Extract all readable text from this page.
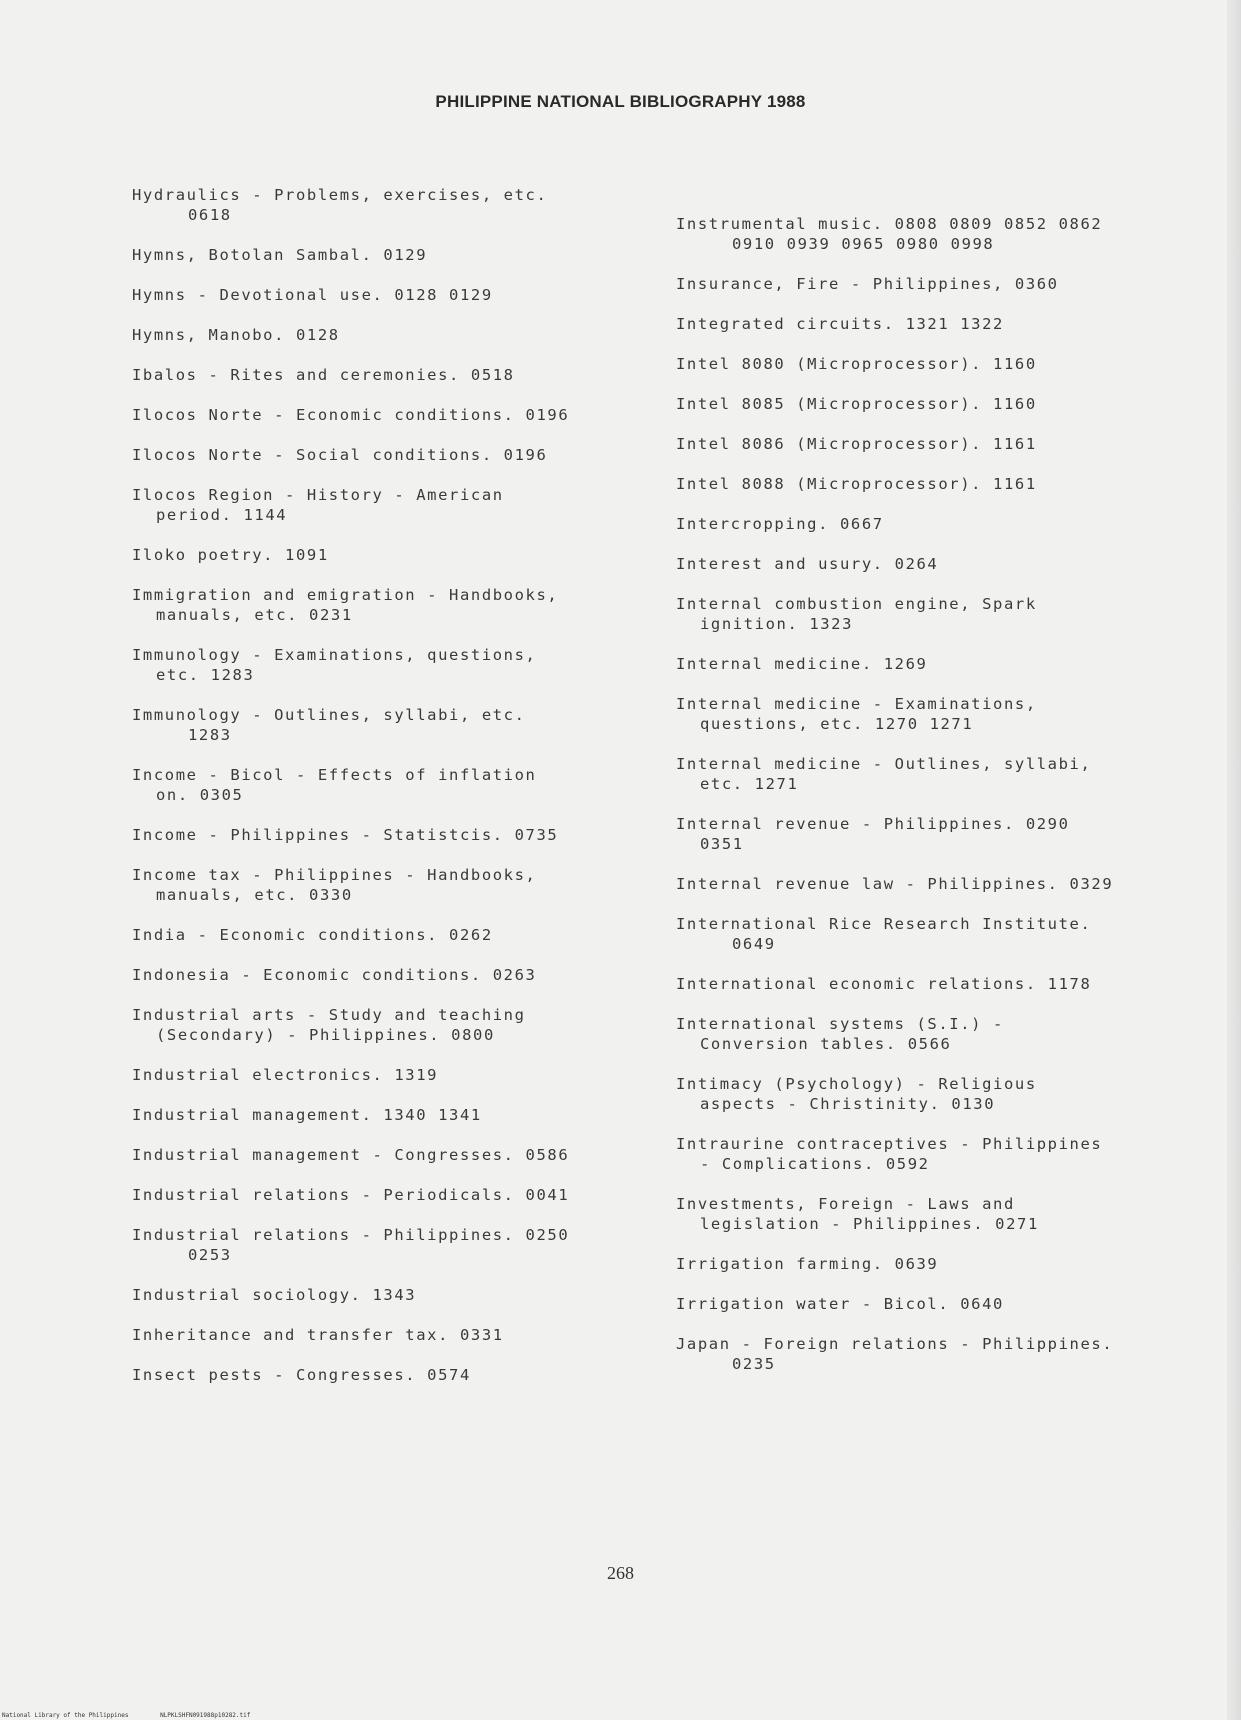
PHILIPPINE NATIONAL BIBLIOGRAPHY 1988
Hydraulics - Problems, exercises, etc.
0618
Hymns, Botolan Sambal. 0129
Hymns - Devotional use. 0128 0129
Hymns, Manobo. 0128
Ibalos - Rites and ceremonies. 0518
Ilocos Norte - Economic conditions. 0196
Ilocos Norte - Social conditions. 0196
Ilocos Region - History - American
period. 1144
Iloko poetry. 1091
Immigration and emigration - Handbooks,
manuals, etc. 0231
Immunology - Examinations, questions,
etc. 1283
Immunology - Outlines, syllabi, etc.
1283
Income - Bicol - Effects of inflation
on. 0305
Income - Philippines - Statistcis. 0735
Income tax - Philippines - Handbooks,
manuals, etc. 0330
India - Economic conditions. 0262
Indonesia - Economic conditions. 0263
Industrial arts - Study and teaching
(Secondary) - Philippines. 0800
Industrial electronics. 1319
Industrial management. 1340 1341
Industrial management - Congresses. 0586
Industrial relations - Periodicals. 0041
Industrial relations - Philippines. 0250
0253
Industrial sociology. 1343
Inheritance and transfer tax. 0331
Insect pests - Congresses. 0574
Instrumental music. 0808 0809 0852 0862
0910 0939 0965 0980 0998
Insurance, Fire - Philippines, 0360
Integrated circuits. 1321 1322
Intel 8080 (Microprocessor). 1160
Intel 8085 (Microprocessor). 1160
Intel 8086 (Microprocessor). 1161
Intel 8088 (Microprocessor). 1161
Intercropping. 0667
Interest and usury. 0264
Internal combustion engine, Spark
ignition. 1323
Internal medicine. 1269
Internal medicine - Examinations,
questions, etc. 1270 1271
Internal medicine - Outlines, syllabi,
etc. 1271
Internal revenue - Philippines. 0290
0351
Internal revenue law - Philippines. 0329
International Rice Research Institute.
0649
International economic relations. 1178
International systems (S.I.) -
Conversion tables. 0566
Intimacy (Psychology) - Religious
aspects - Christinity. 0130
Intraurine contraceptives - Philippines
- Complications. 0592
Investments, Foreign - Laws and
legislation - Philippines. 0271
Irrigation farming. 0639
Irrigation water - Bicol. 0640
Japan - Foreign relations - Philippines.
0235
268
National Library of the Philippines	NLPKLSHFN091988p10282.tif
